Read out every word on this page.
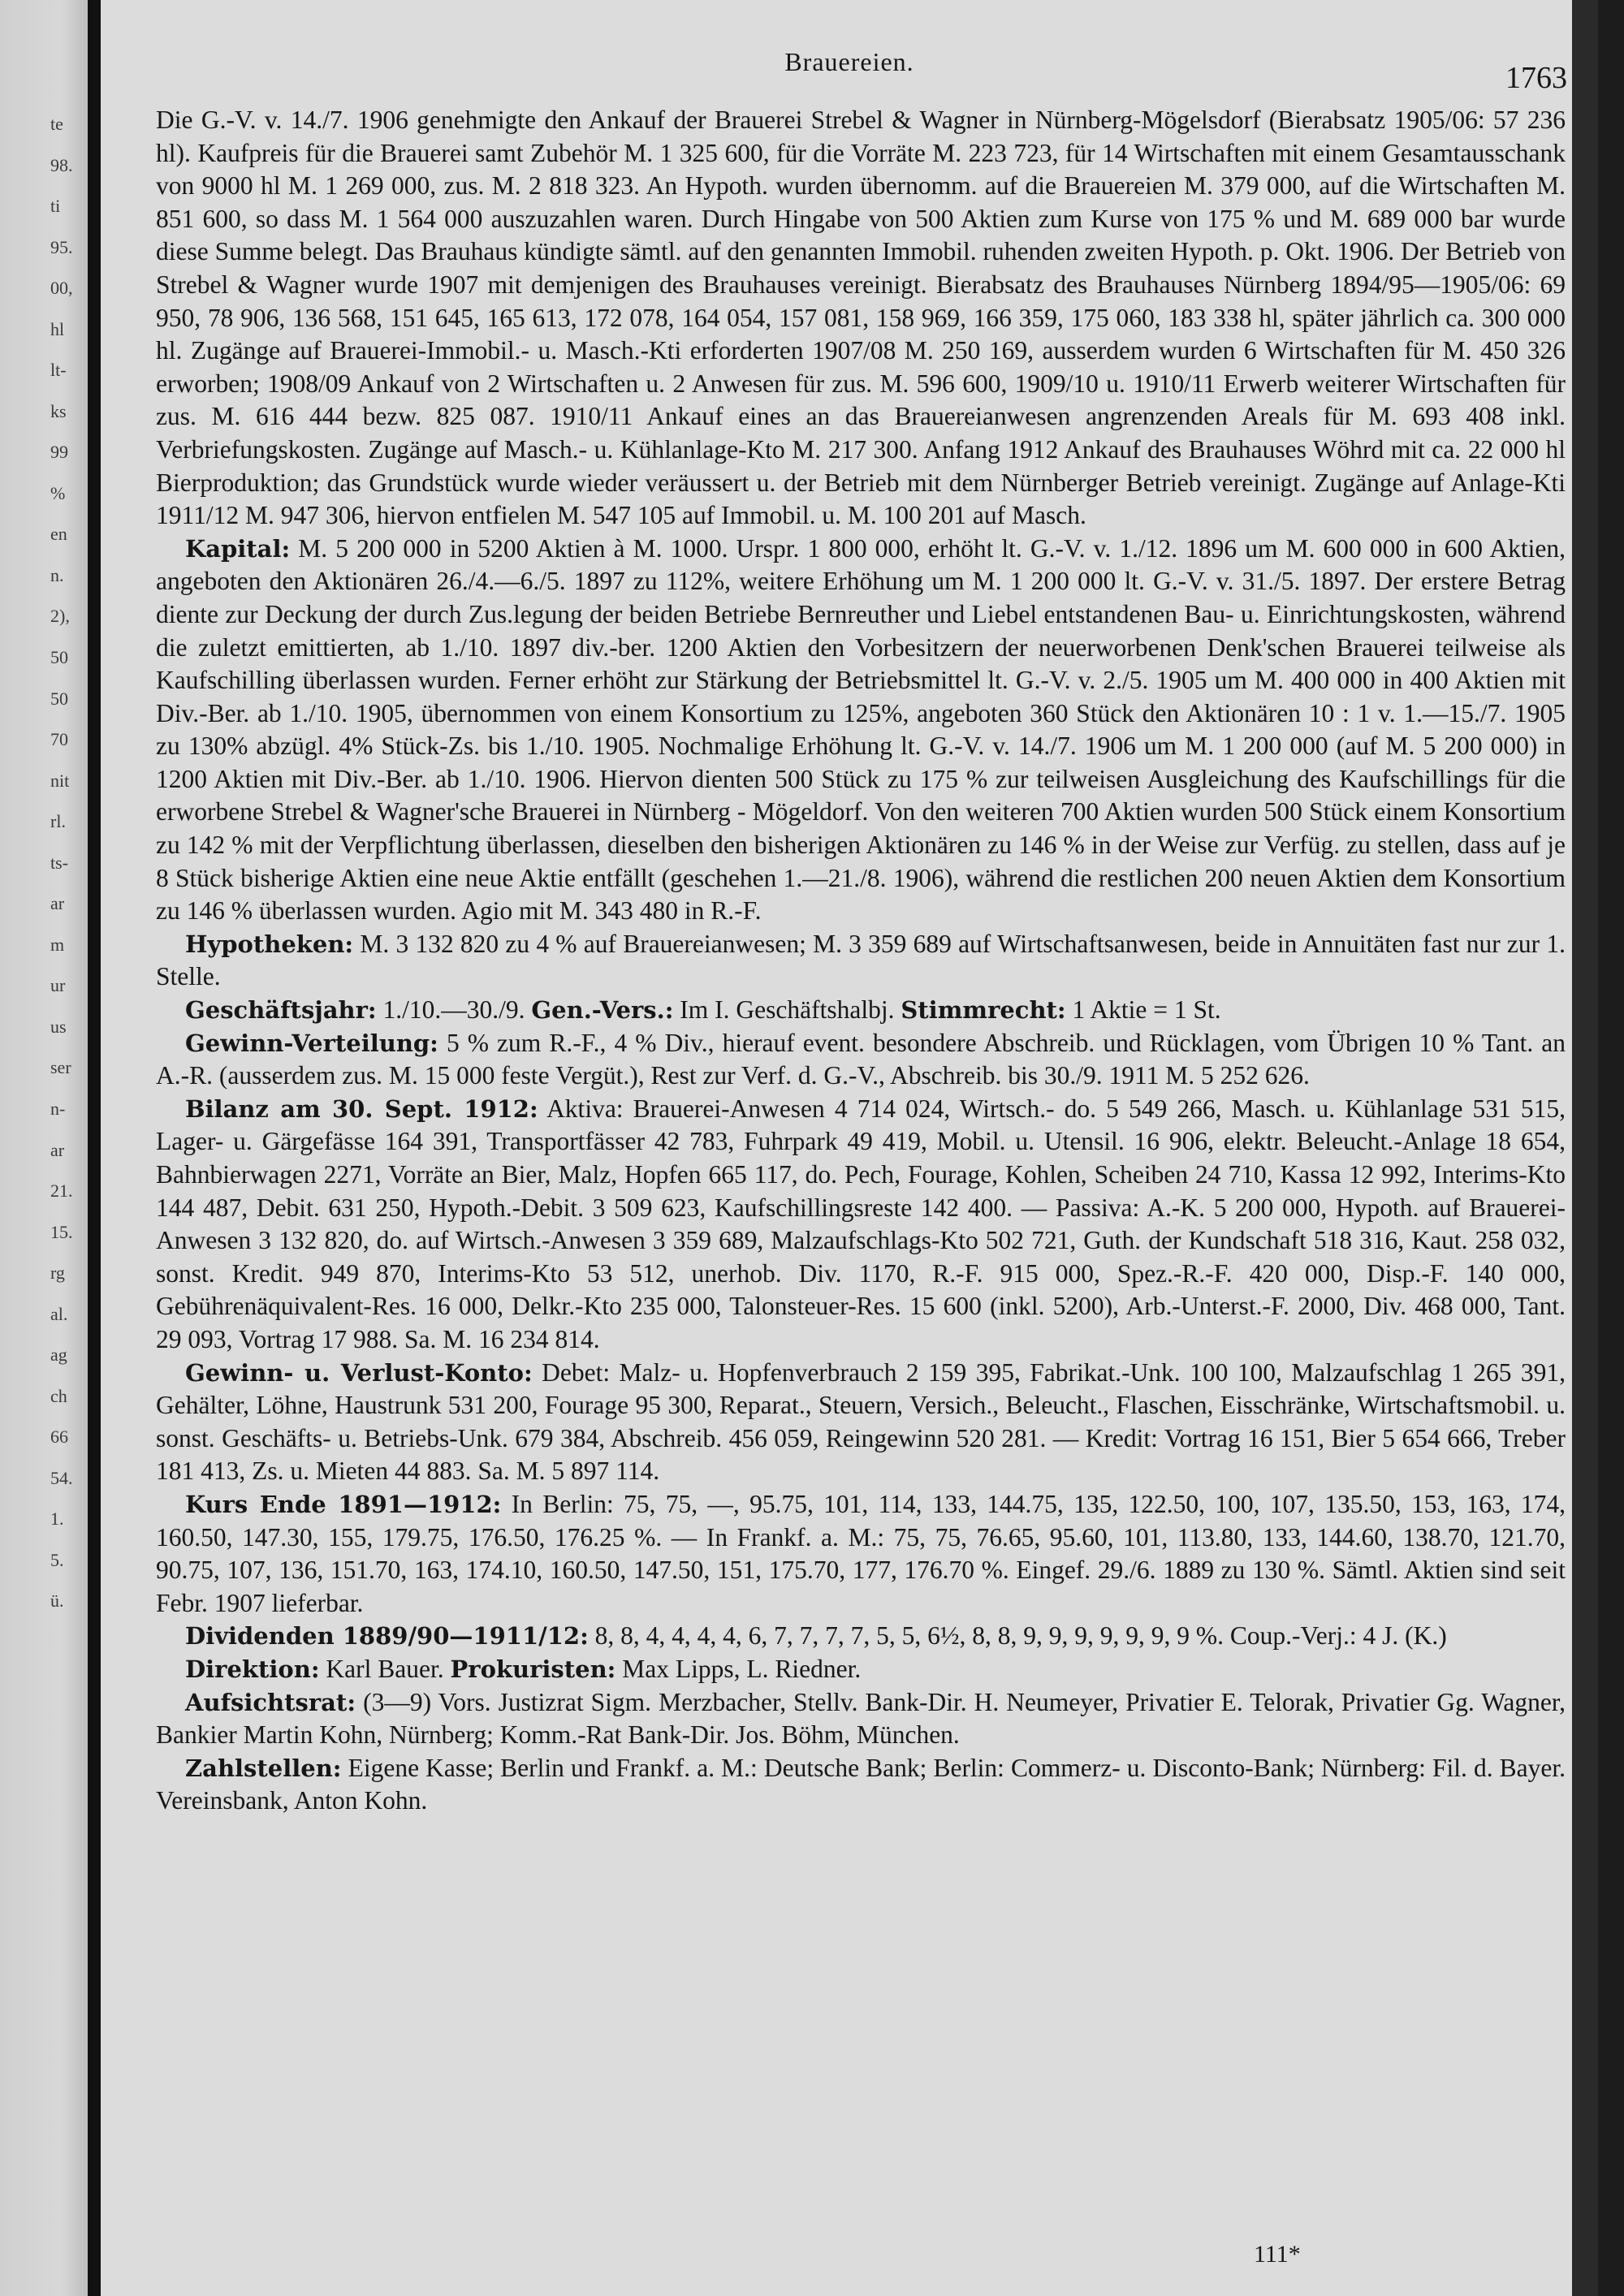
te
98.
ti
95.
00,
hl
lt-
ks
99
%
en
n.
2),
50
50
70
nit
rl.
ts-
ar
m
ur
us
ser
n-
ar
21.
15.
rg
al.
ag
ch
66
54.
1.
5.
ü.
Brauereien.	1763

Die G.-V. v. 14./7. 1906 genehmigte den Ankauf der Brauerei Strebel & Wagner in Nürnberg-Mögelsdorf (Bierabsatz 1905/06: 57 236 hl). Kaufpreis für die Brauerei samt Zubehör M. 1 325 600, für die Vorräte M. 223 723, für 14 Wirtschaften mit einem Gesamtausschank von 9000 hl M. 1 269 000, zus. M. 2 818 323. An Hypoth. wurden übernomm. auf die Brauereien M. 379 000, auf die Wirtschaften M. 851 600, so dass M. 1 564 000 auszuzahlen waren. Durch Hingabe von 500 Aktien zum Kurse von 175 % und M. 689 000 bar wurde diese Summe belegt. Das Brauhaus kündigte sämtl. auf den genannten Immobil. ruhenden zweiten Hypoth. p. Okt. 1906. Der Betrieb von Strebel & Wagner wurde 1907 mit demjenigen des Brauhauses vereinigt. Bierabsatz des Brauhauses Nürnberg 1894/95—1905/06: 69 950, 78 906, 136 568, 151 645, 165 613, 172 078, 164 054, 157 081, 158 969, 166 359, 175 060, 183 338 hl, später jährlich ca. 300 000 hl. Zugänge auf Brauerei-Immobil.- u. Masch.-Kti erforderten 1907/08 M. 250 169, ausserdem wurden 6 Wirtschaften für M. 450 326 erworben; 1908/09 Ankauf von 2 Wirtschaften u. 2 Anwesen für zus. M. 596 600, 1909/10 u. 1910/11 Erwerb weiterer Wirtschaften für zus. M. 616 444 bezw. 825 087. 1910/11 Ankauf eines an das Brauereianwesen angrenzenden Areals für M. 693 408 inkl. Verbriefungskosten. Zugänge auf Masch.- u. Kühlanlage-Kto M. 217 300. Anfang 1912 Ankauf des Brauhauses Wöhrd mit ca. 22 000 hl Bierproduktion; das Grundstück wurde wieder veräussert u. der Betrieb mit dem Nürnberger Betrieb vereinigt. Zugänge auf Anlage-Kti 1911/12 M. 947 306, hiervon entfielen M. 547 105 auf Immobil. u. M. 100 201 auf Masch.

Kapital: M. 5 200 000 in 5200 Aktien à M. 1000. Urspr. 1 800 000, erhöht lt. G.-V. v. 1./12. 1896 um M. 600 000 in 600 Aktien, angeboten den Aktionären 26./4.—6./5. 1897 zu 112%, weitere Erhöhung um M. 1 200 000 lt. G.-V. v. 31./5. 1897. Der erstere Betrag diente zur Deckung der durch Zus.legung der beiden Betriebe Bernreuther und Liebel entstandenen Bau- u. Einrichtungskosten, während die zuletzt emittierten, ab 1./10. 1897 div.-ber. 1200 Aktien den Vorbesitzern der neuerworbenen Denk'schen Brauerei teilweise als Kaufschilling überlassen wurden. Ferner erhöht zur Stärkung der Betriebsmittel lt. G.-V. v. 2./5. 1905 um M. 400 000 in 400 Aktien mit Div.-Ber. ab 1./10. 1905, übernommen von einem Konsortium zu 125%, angeboten 360 Stück den Aktionären 10 : 1 v. 1.—15./7. 1905 zu 130% abzügl. 4% Stück-Zs. bis 1./10. 1905. Nochmalige Erhöhung lt. G.-V. v. 14./7. 1906 um M. 1 200 000 (auf M. 5 200 000) in 1200 Aktien mit Div.-Ber. ab 1./10. 1906. Hiervon dienten 500 Stück zu 175 % zur teilweisen Ausgleichung des Kaufschillings für die erworbene Strebel & Wagner'sche Brauerei in Nürnberg - Mögeldorf. Von den weiteren 700 Aktien wurden 500 Stück einem Konsortium zu 142 % mit der Verpflichtung überlassen, dieselben den bisherigen Aktionären zu 146 % in der Weise zur Verfüg. zu stellen, dass auf je 8 Stück bisherige Aktien eine neue Aktie entfällt (geschehen 1.—21./8. 1906), während die restlichen 200 neuen Aktien dem Konsortium zu 146 % überlassen wurden. Agio mit M. 343 480 in R.-F.

Hypotheken: M. 3 132 820 zu 4 % auf Brauereianwesen; M. 3 359 689 auf Wirtschaftsanwesen, beide in Annuitäten fast nur zur 1. Stelle.

Geschäftsjahr: 1./10.—30./9. Gen.-Vers.: Im I. Geschäftshalbj. Stimmrecht: 1 Aktie = 1 St.

Gewinn-Verteilung: 5 % zum R.-F., 4 % Div., hierauf event. besondere Abschreib. und Rücklagen, vom Übrigen 10 % Tant. an A.-R. (ausserdem zus. M. 15 000 feste Vergüt.), Rest zur Verf. d. G.-V., Abschreib. bis 30./9. 1911 M. 5 252 626.

Bilanz am 30. Sept. 1912: Aktiva: Brauerei-Anwesen 4 714 024, Wirtsch.- do. 5 549 266, Masch. u. Kühlanlage 531 515, Lager- u. Gärgefässe 164 391, Transportfässer 42 783, Fuhrpark 49 419, Mobil. u. Utensil. 16 906, elektr. Beleucht.-Anlage 18 654, Bahnbierwagen 2271, Vorräte an Bier, Malz, Hopfen 665 117, do. Pech, Fourage, Kohlen, Scheiben 24 710, Kassa 12 992, Interims-Kto 144 487, Debit. 631 250, Hypoth.-Debit. 3 509 623, Kaufschillingsreste 142 400. — Passiva: A.-K. 5 200 000, Hypoth. auf Brauerei-Anwesen 3 132 820, do. auf Wirtsch.-Anwesen 3 359 689, Malzaufschlags-Kto 502 721, Guth. der Kundschaft 518 316, Kaut. 258 032, sonst. Kredit. 949 870, Interims-Kto 53 512, unerhob. Div. 1170, R.-F. 915 000, Spez.-R.-F. 420 000, Disp.-F. 140 000, Gebührenäquivalent-Res. 16 000, Delkr.-Kto 235 000, Talonsteuer-Res. 15 600 (inkl. 5200), Arb.-Unterst.-F. 2000, Div. 468 000, Tant. 29 093, Vortrag 17 988. Sa. M. 16 234 814.

Gewinn- u. Verlust-Konto: Debet: Malz- u. Hopfenverbrauch 2 159 395, Fabrikat.-Unk. 100 100, Malzaufschlag 1 265 391, Gehälter, Löhne, Haustrunk 531 200, Fourage 95 300, Reparat., Steuern, Versich., Beleucht., Flaschen, Eisschränke, Wirtschaftsmobil. u. sonst. Geschäfts- u. Betriebs-Unk. 679 384, Abschreib. 456 059, Reingewinn 520 281. — Kredit: Vortrag 16 151, Bier 5 654 666, Treber 181 413, Zs. u. Mieten 44 883. Sa. M. 5 897 114.

Kurs Ende 1891—1912: In Berlin: 75, 75, —, 95.75, 101, 114, 133, 144.75, 135, 122.50, 100, 107, 135.50, 153, 163, 174, 160.50, 147.30, 155, 179.75, 176.50, 176.25 %. — In Frankf. a. M.: 75, 75, 76.65, 95.60, 101, 113.80, 133, 144.60, 138.70, 121.70, 90.75, 107, 136, 151.70, 163, 174.10, 160.50, 147.50, 151, 175.70, 177, 176.70 %. Eingef. 29./6. 1889 zu 130 %. Sämtl. Aktien sind seit Febr. 1907 lieferbar.

Dividenden 1889/90—1911/12: 8, 8, 4, 4, 4, 4, 6, 7, 7, 7, 7, 5, 5, 6½, 8, 8, 9, 9, 9, 9, 9, 9, 9 %. Coup.-Verj.: 4 J. (K.)

Direktion: Karl Bauer. Prokuristen: Max Lipps, L. Riedner.

Aufsichtsrat: (3—9) Vors. Justizrat Sigm. Merzbacher, Stellv. Bank-Dir. H. Neumeyer, Privatier E. Telorak, Privatier Gg. Wagner, Bankier Martin Kohn, Nürnberg; Komm.-Rat Bank-Dir. Jos. Böhm, München.

Zahlstellen: Eigene Kasse; Berlin und Frankf. a. M.: Deutsche Bank; Berlin: Commerz- u. Disconto-Bank; Nürnberg: Fil. d. Bayer. Vereinsbank, Anton Kohn.

111*
